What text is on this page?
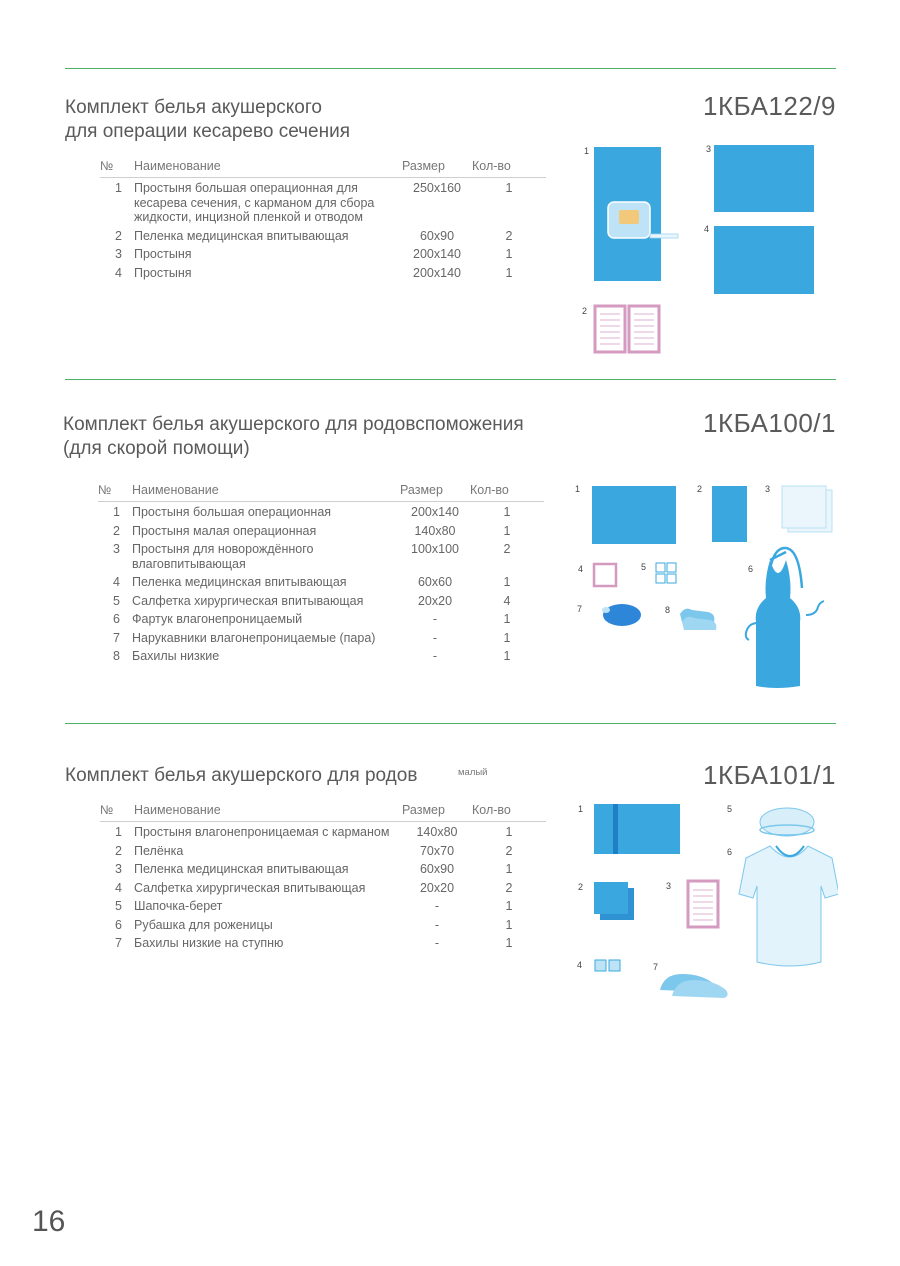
Комплект белья акушерского
для операции кесарево сечения
1КБА122/9
№	Наименование	Размер	Кол-во
1	Простыня большая операционная для кесарева сечения, с карманом для сбора жидкости, инцизной пленкой и отводом	250х160	1
2	Пеленка медицинская впитывающая	60х90	2
3	Простыня	200х140	1
4	Простыня	200х140	1
1
2
3
4
Комплект белья акушерского для родовспоможения
(для скорой помощи)
1КБА100/1
№	Наименование	Размер	Кол-во
1	Простыня большая операционная	200х140	1
2	Простыня малая операционная	140х80	1
3	Простыня для новорождённого влаговпитывающая	100х100	2
4	Пеленка медицинская впитывающая	60х60	1
5	Салфетка хирургическая впитывающая	20х20	4
6	Фартук влагонепроницаемый	-	1
7	Нарукавники влагонепроницаемые (пара)	-	1
8	Бахилы низкие	-	1
1	2	3
4	5	6
7	8
Комплект белья акушерского для родов	малый	1КБА101/1
№	Наименование	Размер	Кол-во
1	Простыня влагонепроницаемая с карманом	140х80	1
2	Пелёнка	70х70	2
3	Пеленка медицинская впитывающая	60х90	1
4	Салфетка хирургическая впитывающая	20х20	2
5	Шапочка-берет	-	1
6	Рубашка для роженицы	-	1
7	Бахилы низкие на ступню	-	1
1
2	3
4
5
6
7
16
